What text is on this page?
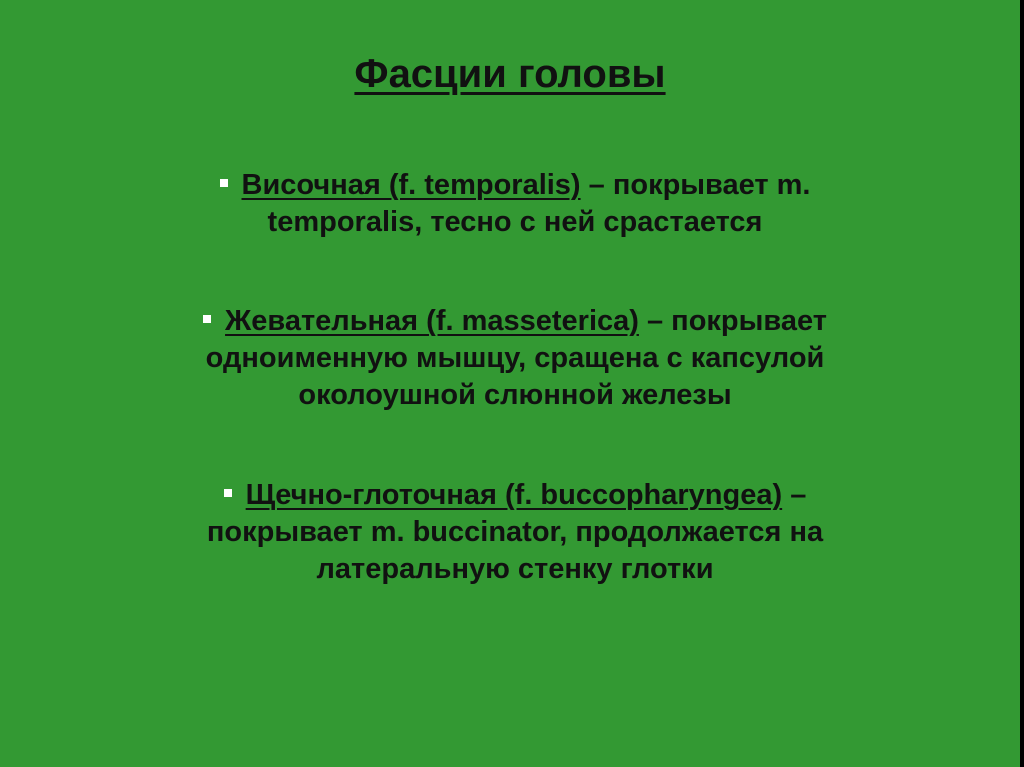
Фасции головы
Височная (f. temporalis) – покрывает m.
temporalis, тесно с ней срастается
Жевательная (f. masseterica) – покрывает
одноименную мышцу, сращена с капсулой
околоушной слюнной железы
Щечно-глоточная (f. buccopharyngea) –
покрывает m. buccinator, продолжается на
латеральную стенку глотки
